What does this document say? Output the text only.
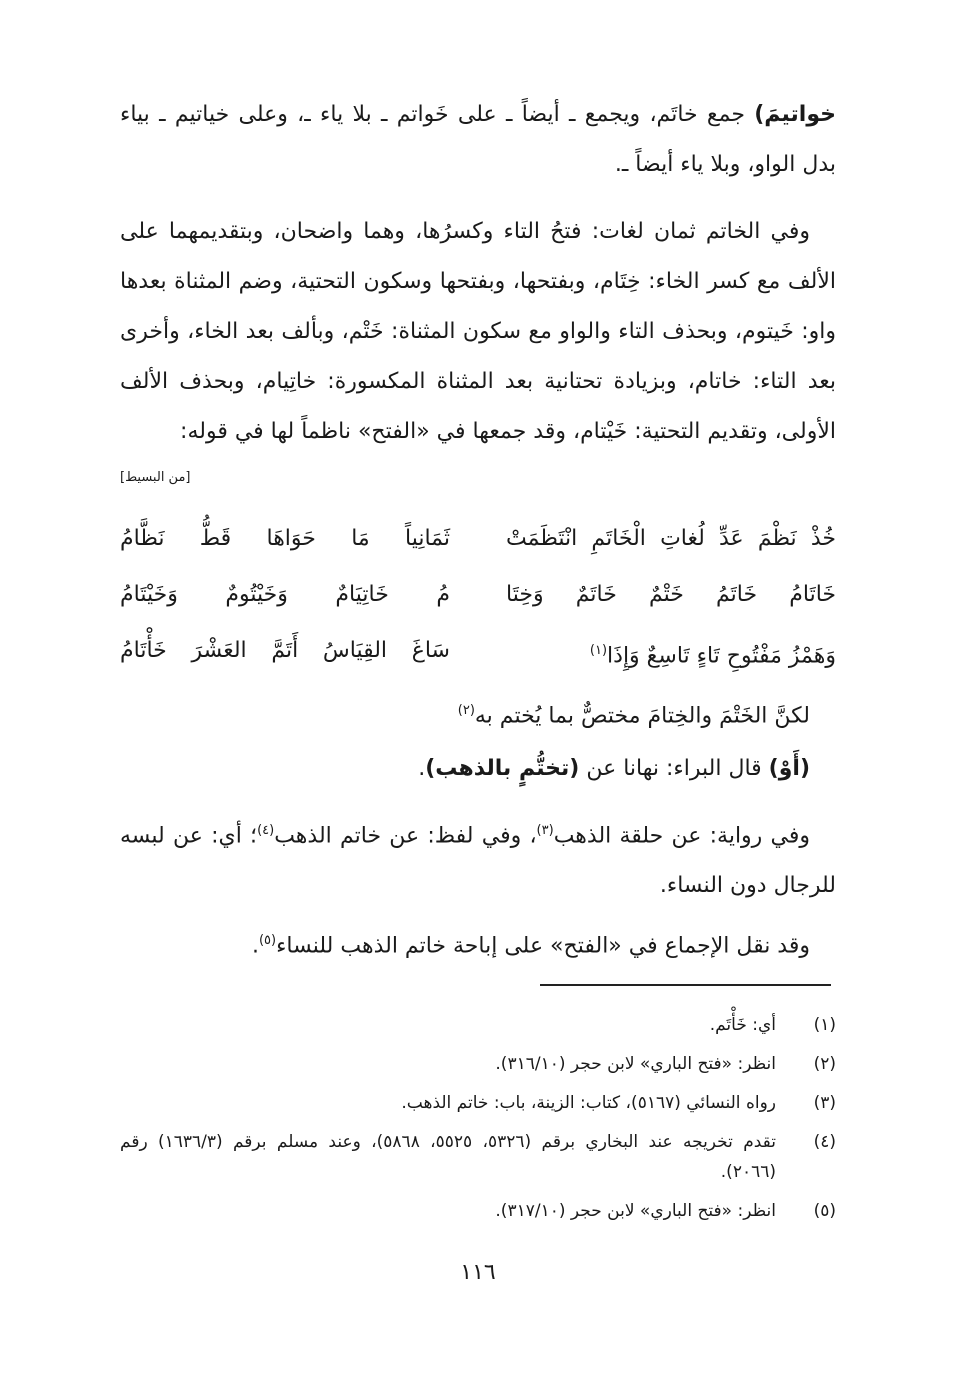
خواتيمَ) جمع خاتَم، ويجمع ـ أيضاً ـ على خَواتم ـ بلا ياء ـ، وعلى خياتيم ـ بياء بدل الواو، وبلا ياء أيضاً ـ.

وفي الخاتم ثمان لغات: فتحُ التاء وكسرُها، وهما واضحان، وبتقديمهما على الألف مع كسر الخاء: خِتَام، وبفتحها، وبفتحها وسكون التحتية، وضم المثناة بعدها واو: خَيتوم، وبحذف التاء والواو مع سكون المثناة: خَتْم، وبألف بعد الخاء، وأخرى بعد التاء: خاتام، وبزيادة تحتانية بعد المثناة المكسورة: خاتِيام، وبحذف الألف الأولى، وتقديم التحتية: خَيْتام، وقد جمعها في «الفتح» ناظماً لها في قوله:

[من البسيط]
خُذْ نَظْمَ عَدِّ لُغاتِ الْخَاتَمِ انْتَظَمَتْ
ثَمَانِياً مَا حَوَاهَا قَطُّ نَظَّامُ
خَاتَامُ خَاتَمُ خَتْمٌ خَاتَمٌ وَخِتَا
مُ خَاتِيَامٌ وَخَيْتُومٌ وَخَيْتَامُ
وَهَمْزُ مَفْتُوحِ تَاءٍ تَاسِعٌ وَإِذَا$^{(١)}$
سَاغَ القِيَاسُ أَتَمَّ العَشْرَ خَأْتَامُ

لكنَّ الخَتْمَ والخِتامَ مختصٌّ بما يُختم به$^{(٢)}$

(أَوْ) قال البراء: نهانا عن (تختُّمٍ بالذهب).

وفي رواية: عن حلقة الذهب$^{(٣)}$، وفي لفظ: عن خاتم الذهب$^{(٤)}$؛ أي: عن لبسه للرجال دون النساء.

وقد نقل الإجماع في «الفتح» على إباحة خاتم الذهب للنساء$^{(٥)}$.

(١)
أي: خَأْتَم.
(٢)
انظر: «فتح الباري» لابن حجر (٣١٦/١٠).
(٣)
رواه النسائي (٥١٦٧)، كتاب: الزينة، باب: خاتم الذهب.
(٤)
تقدم تخريجه عند البخاري برقم (٥٣٢٦، ٥٥٢٥، ٥٨٦٨)، وعند مسلم برقم (١٦٣٦/٣) رقم (٢٠٦٦).
(٥)
انظر: «فتح الباري» لابن حجر (٣١٧/١٠).
١١٦
